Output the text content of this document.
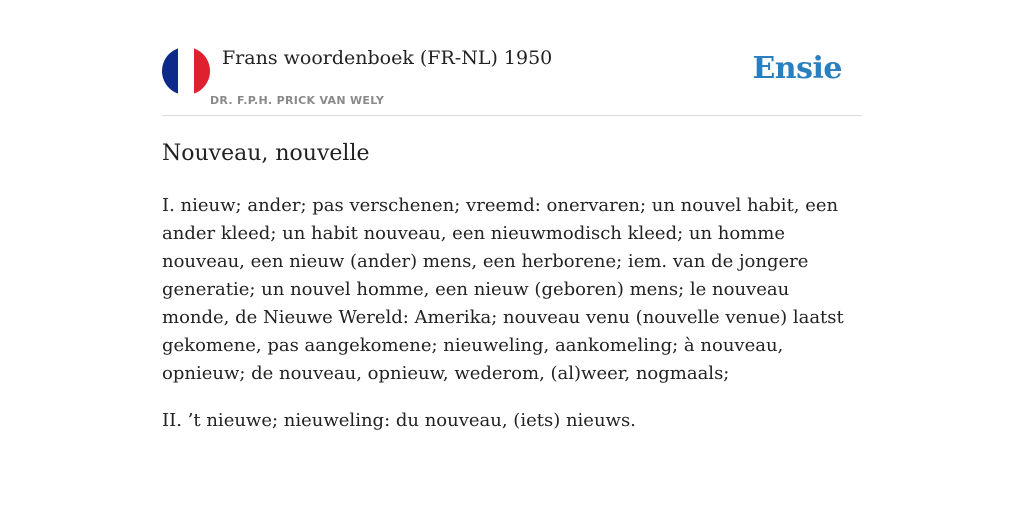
Frans woordenboek (FR-NL) 1950
DR. F.P.H. PRICK VAN WELY
Ensie
Nouveau, nouvelle

I. nieuw; ander; pas verschenen; vreemd: onervaren; un nouvel habit, een ander kleed; un habit nouveau, een nieuwmodisch kleed; un homme nouveau, een nieuw (ander) mens, een herborene; iem. van de jongere generatie; un nouvel homme, een nieuw (geboren) mens; le nouveau monde, de Nieuwe Wereld: Amerika; nouveau venu (nouvelle venue) laatst gekomene, pas aangekomene; nieuweling, aankomeling; à nouveau, opnieuw; de nouveau, opnieuw, wederom, (al)weer, nogmaals;

II. ’t nieuwe; nieuweling: du nouveau, (iets) nieuws.
